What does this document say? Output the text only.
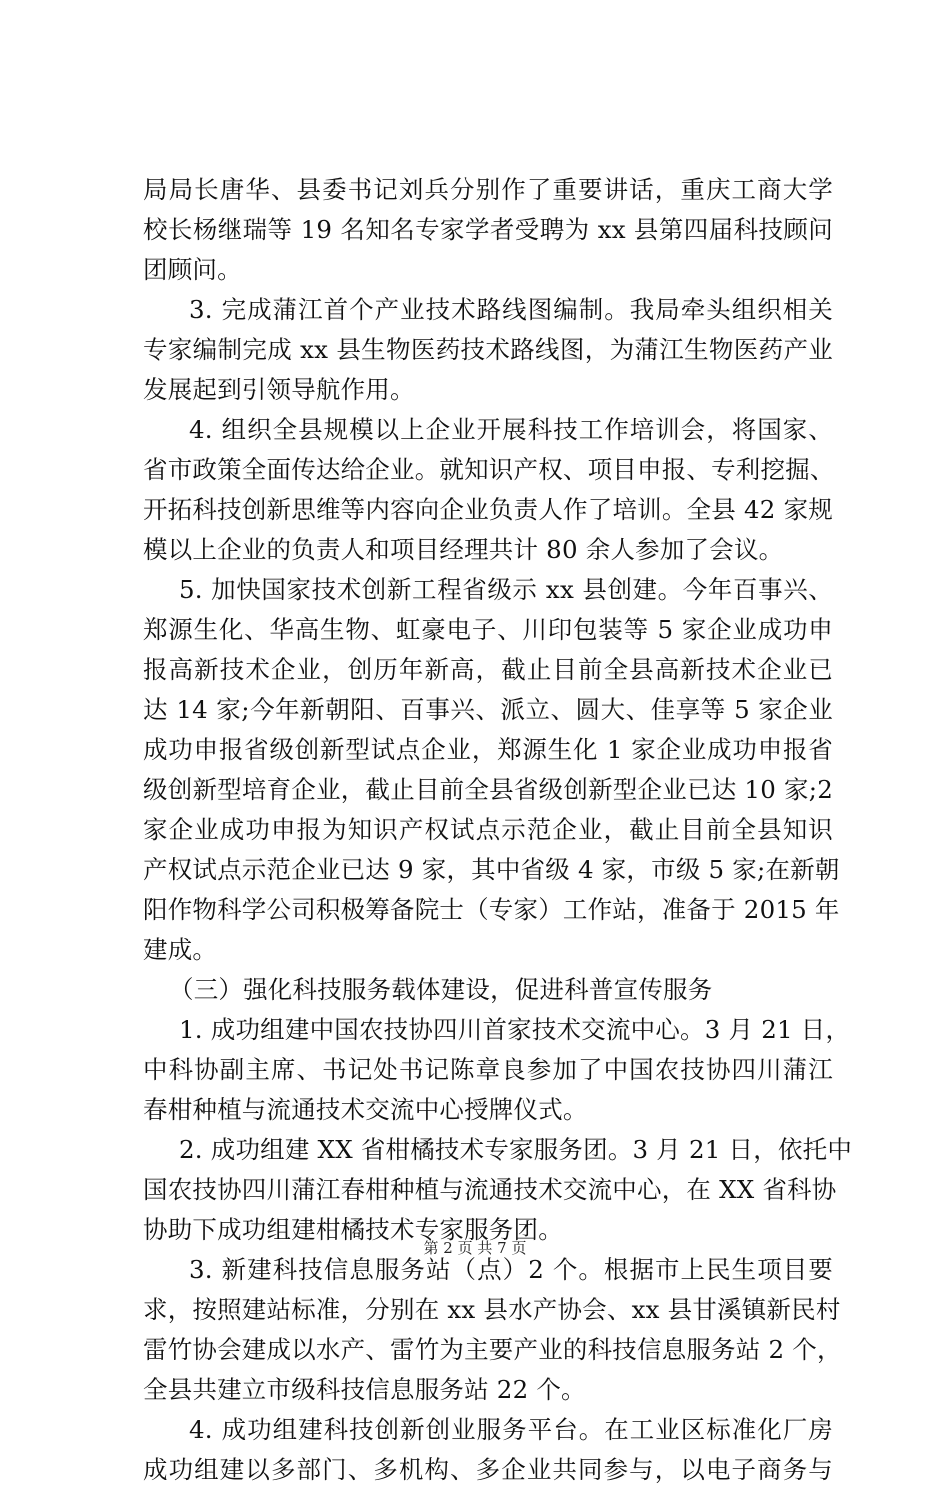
局局长唐华、县委书记刘兵分别作了重要讲话，重庆工商大学
校长杨继瑞等 19 名知名专家学者受聘为 xx 县第四届科技顾问
团顾问。
3. 完成蒲江首个产业技术路线图编制。我局牵头组织相关
专家编制完成 xx 县生物医药技术路线图，为蒲江生物医药产业
发展起到引领导航作用。
4. 组织全县规模以上企业开展科技工作培训会，将国家、
省市政策全面传达给企业。就知识产权、项目申报、专利挖掘、
开拓科技创新思维等内容向企业负责人作了培训。全县 42 家规
模以上企业的负责人和项目经理共计 80 余人参加了会议。
5. 加快国家技术创新工程省级示 xx 县创建。今年百事兴、
郑源生化、华高生物、虹豪电子、川印包装等 5 家企业成功申
报高新技术企业，创历年新高，截止目前全县高新技术企业已
达 14 家;今年新朝阳、百事兴、派立、圆大、佳享等 5 家企业
成功申报省级创新型试点企业，郑源生化 1 家企业成功申报省
级创新型培育企业，截止目前全县省级创新型企业已达 10 家;2
家企业成功申报为知识产权试点示范企业，截止目前全县知识
产权试点示范企业已达 9 家，其中省级 4 家，市级 5 家;在新朝
阳作物科学公司积极筹备院士（专家）工作站，准备于 2015 年
建成。
（三）强化科技服务载体建设，促进科普宣传服务
1. 成功组建中国农技协四川首家技术交流中心。3 月 21 日，
中科协副主席、书记处书记陈章良参加了中国农技协四川蒲江
春柑种植与流通技术交流中心授牌仪式。
2. 成功组建 XX 省柑橘技术专家服务团。3 月 21 日，依托中
国农技协四川蒲江春柑种植与流通技术交流中心，在 XX 省科协
协助下成功组建柑橘技术专家服务团。
3. 新建科技信息服务站（点）2 个。根据市上民生项目要
求，按照建站标准，分别在 xx 县水产协会、xx 县甘溪镇新民村
雷竹协会建成以水产、雷竹为主要产业的科技信息服务站 2 个，
全县共建立市级科技信息服务站 22 个。
4. 成功组建科技创新创业服务平台。在工业区标准化厂房
成功组建以多部门、多机构、多企业共同参与，以电子商务与
第 2 页 共 7 页
